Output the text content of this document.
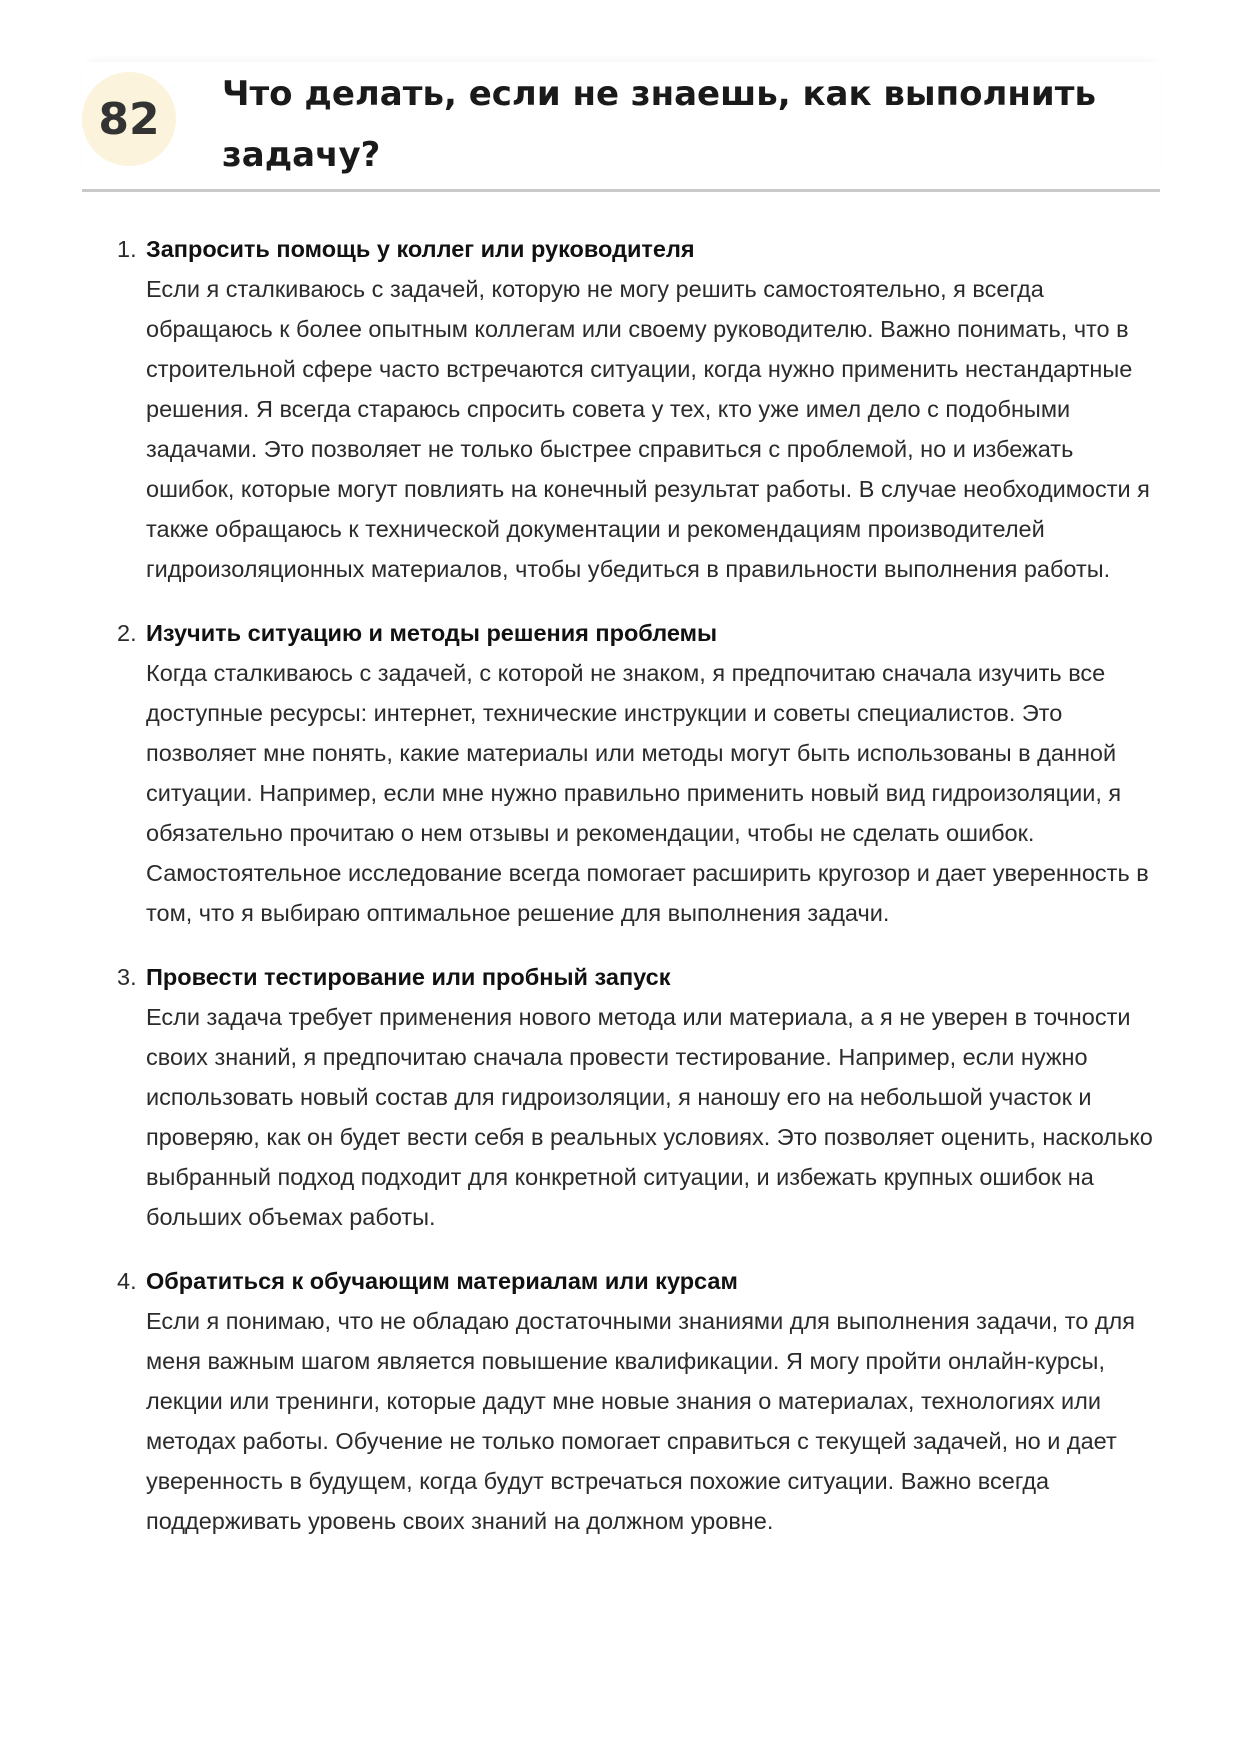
82	Что делать, если не знаешь, как выполнить задачу?
1. Запросить помощь у коллег или руководителя

Если я сталкиваюсь с задачей, которую не могу решить самостоятельно, я всегда обращаюсь к более опытным коллегам или своему руководителю. Важно понимать, что в строительной сфере часто встречаются ситуации, когда нужно применить нестандартные решения. Я всегда стараюсь спросить совета у тех, кто уже имел дело с подобными задачами. Это позволяет не только быстрее справиться с проблемой, но и избежать ошибок, которые могут повлиять на конечный результат работы. В случае необходимости я также обращаюсь к технической документации и рекомендациям производителей гидроизоляционных материалов, чтобы убедиться в правильности выполнения работы.

2. Изучить ситуацию и методы решения проблемы

Когда сталкиваюсь с задачей, с которой не знаком, я предпочитаю сначала изучить все доступные ресурсы: интернет, технические инструкции и советы специалистов. Это позволяет мне понять, какие материалы или методы могут быть использованы в данной ситуации. Например, если мне нужно правильно применить новый вид гидроизоляции, я обязательно прочитаю о нем отзывы и рекомендации, чтобы не сделать ошибок. Самостоятельное исследование всегда помогает расширить кругозор и дает уверенность в том, что я выбираю оптимальное решение для выполнения задачи.

3. Провести тестирование или пробный запуск

Если задача требует применения нового метода или материала, а я не уверен в точности своих знаний, я предпочитаю сначала провести тестирование. Например, если нужно использовать новый состав для гидроизоляции, я наношу его на небольшой участок и проверяю, как он будет вести себя в реальных условиях. Это позволяет оценить, насколько выбранный подход подходит для конкретной ситуации, и избежать крупных ошибок на больших объемах работы.

4. Обратиться к обучающим материалам или курсам

Если я понимаю, что не обладаю достаточными знаниями для выполнения задачи, то для меня важным шагом является повышение квалификации. Я могу пройти онлайн-курсы, лекции или тренинги, которые дадут мне новые знания о материалах, технологиях или методах работы. Обучение не только помогает справиться с текущей задачей, но и дает уверенность в будущем, когда будут встречаться похожие ситуации. Важно всегда поддерживать уровень своих знаний на должном уровне.
